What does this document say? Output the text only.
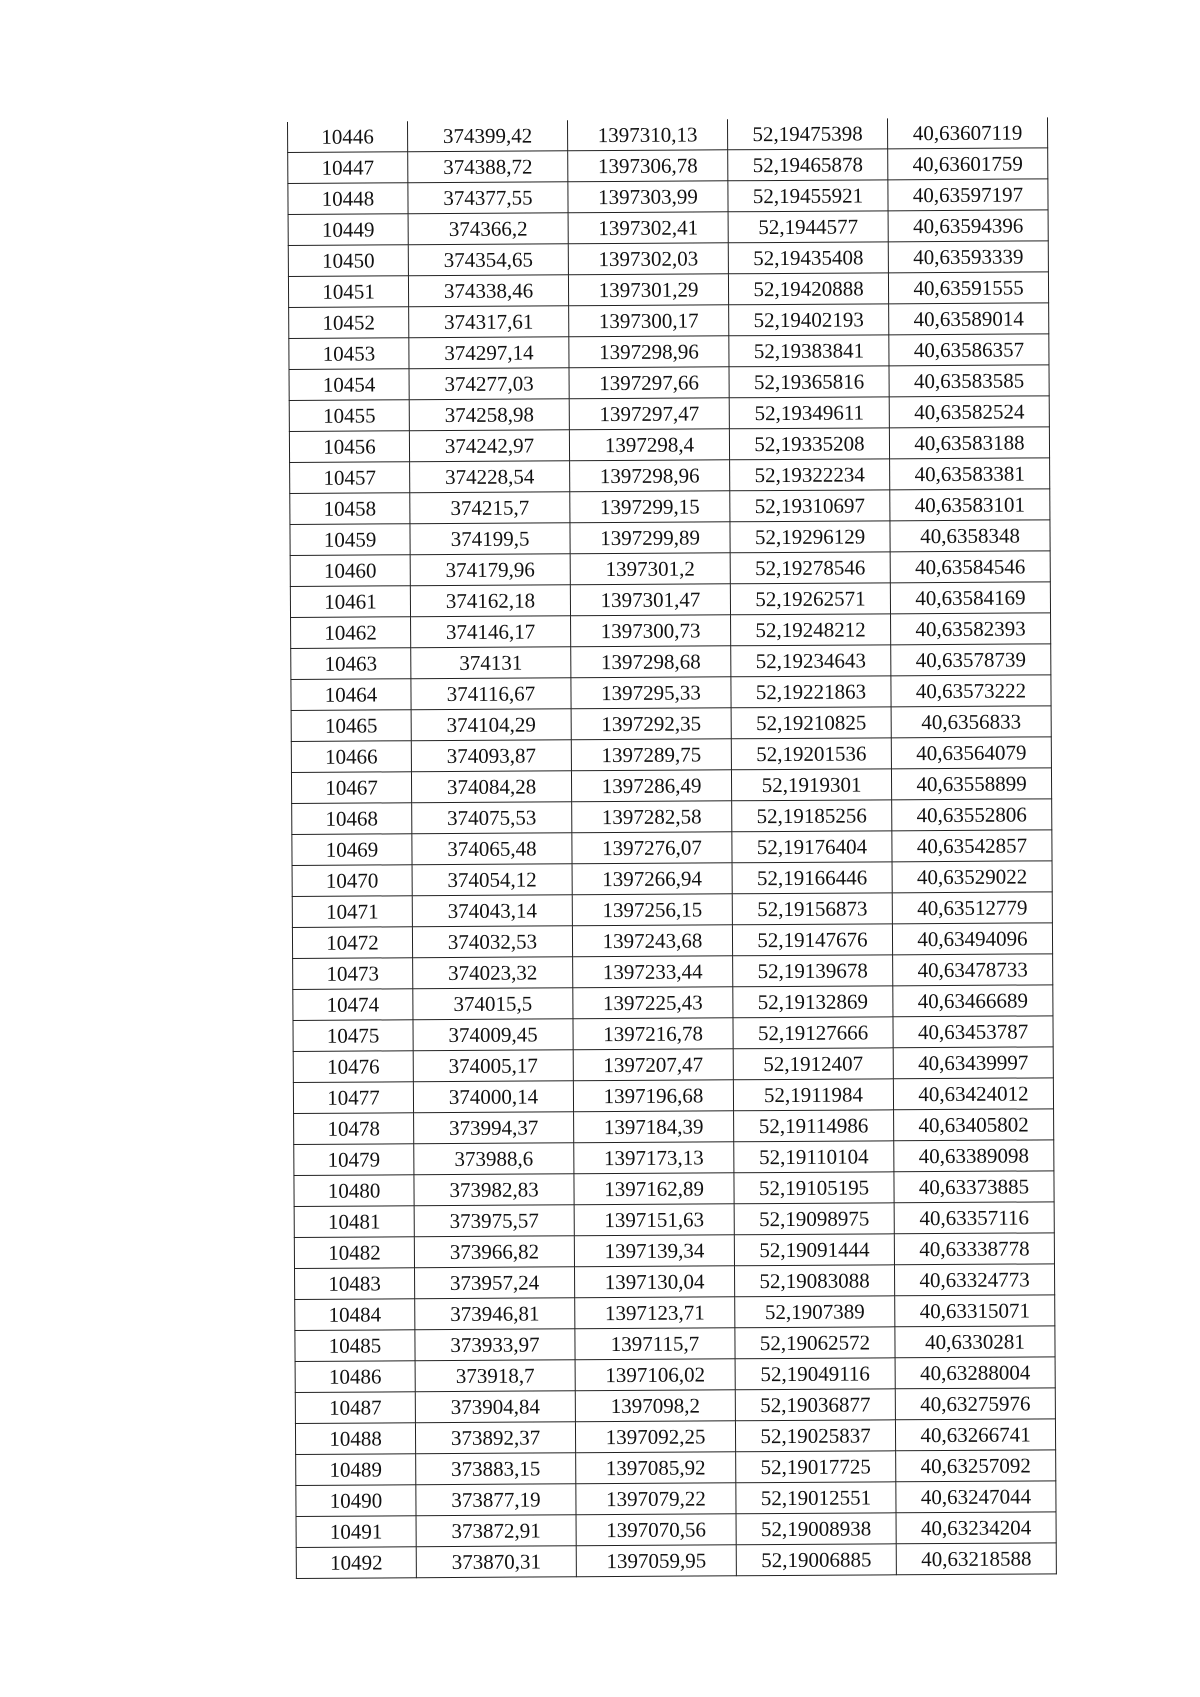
10446	374399,42	1397310,13	52,19475398	40,63607119
10447	374388,72	1397306,78	52,19465878	40,63601759
10448	374377,55	1397303,99	52,19455921	40,63597197
10449	374366,2	1397302,41	52,1944577	40,63594396
10450	374354,65	1397302,03	52,19435408	40,63593339
10451	374338,46	1397301,29	52,19420888	40,63591555
10452	374317,61	1397300,17	52,19402193	40,63589014
10453	374297,14	1397298,96	52,19383841	40,63586357
10454	374277,03	1397297,66	52,19365816	40,63583585
10455	374258,98	1397297,47	52,19349611	40,63582524
10456	374242,97	1397298,4	52,19335208	40,63583188
10457	374228,54	1397298,96	52,19322234	40,63583381
10458	374215,7	1397299,15	52,19310697	40,63583101
10459	374199,5	1397299,89	52,19296129	40,6358348
10460	374179,96	1397301,2	52,19278546	40,63584546
10461	374162,18	1397301,47	52,19262571	40,63584169
10462	374146,17	1397300,73	52,19248212	40,63582393
10463	374131	1397298,68	52,19234643	40,63578739
10464	374116,67	1397295,33	52,19221863	40,63573222
10465	374104,29	1397292,35	52,19210825	40,6356833
10466	374093,87	1397289,75	52,19201536	40,63564079
10467	374084,28	1397286,49	52,1919301	40,63558899
10468	374075,53	1397282,58	52,19185256	40,63552806
10469	374065,48	1397276,07	52,19176404	40,63542857
10470	374054,12	1397266,94	52,19166446	40,63529022
10471	374043,14	1397256,15	52,19156873	40,63512779
10472	374032,53	1397243,68	52,19147676	40,63494096
10473	374023,32	1397233,44	52,19139678	40,63478733
10474	374015,5	1397225,43	52,19132869	40,63466689
10475	374009,45	1397216,78	52,19127666	40,63453787
10476	374005,17	1397207,47	52,1912407	40,63439997
10477	374000,14	1397196,68	52,1911984	40,63424012
10478	373994,37	1397184,39	52,19114986	40,63405802
10479	373988,6	1397173,13	52,19110104	40,63389098
10480	373982,83	1397162,89	52,19105195	40,63373885
10481	373975,57	1397151,63	52,19098975	40,63357116
10482	373966,82	1397139,34	52,19091444	40,63338778
10483	373957,24	1397130,04	52,19083088	40,63324773
10484	373946,81	1397123,71	52,1907389	40,63315071
10485	373933,97	1397115,7	52,19062572	40,6330281
10486	373918,7	1397106,02	52,19049116	40,63288004
10487	373904,84	1397098,2	52,19036877	40,63275976
10488	373892,37	1397092,25	52,19025837	40,63266741
10489	373883,15	1397085,92	52,19017725	40,63257092
10490	373877,19	1397079,22	52,19012551	40,63247044
10491	373872,91	1397070,56	52,19008938	40,63234204
10492	373870,31	1397059,95	52,19006885	40,63218588
